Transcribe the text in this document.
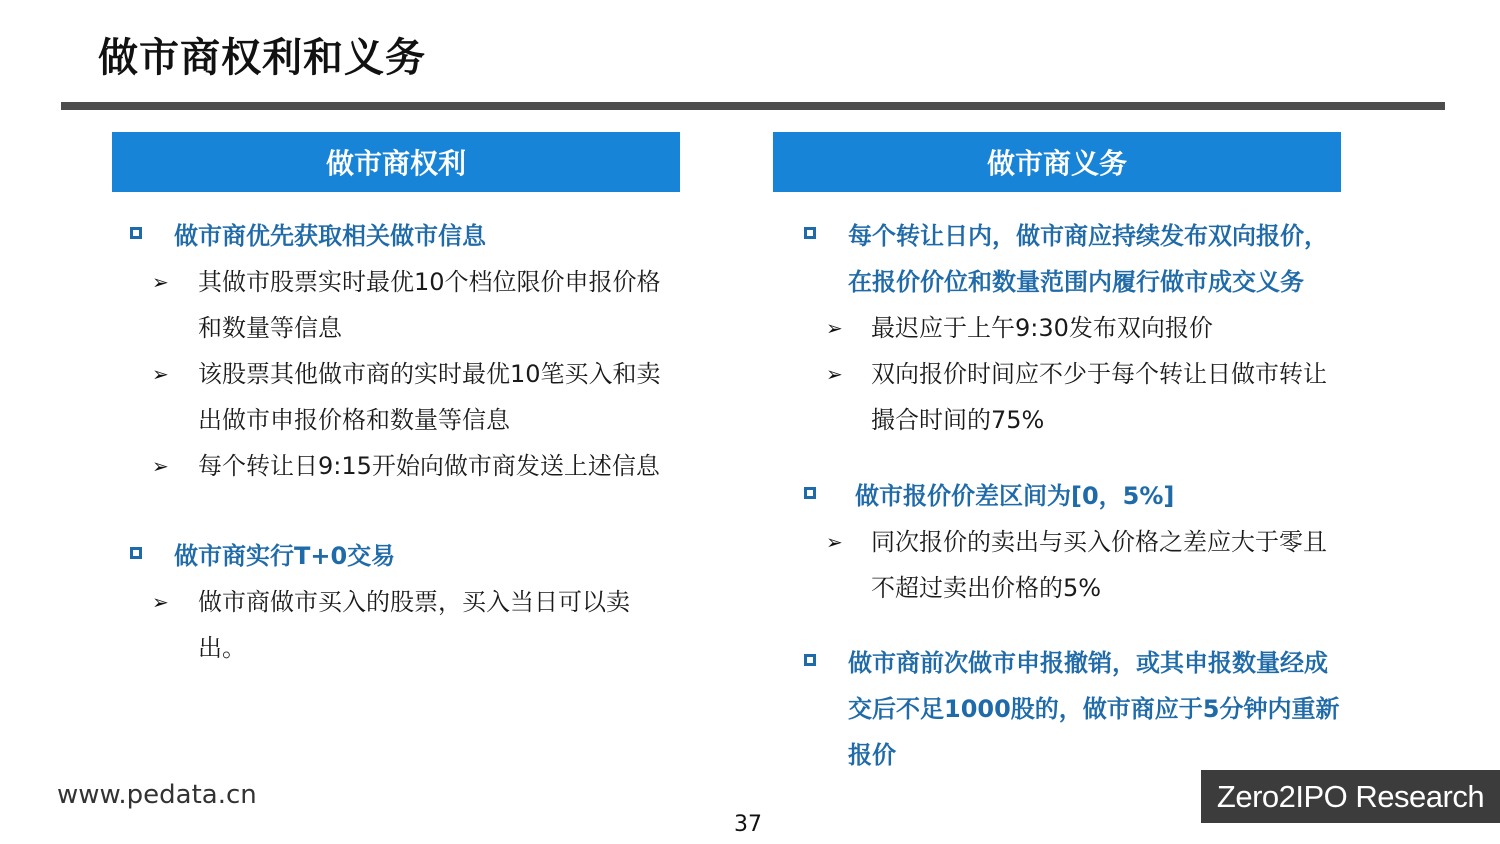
做市商权利和义务
做市商权利
做市商优先获取相关做市信息
➢ 其做市股票实时最优10个档位限价申报价格
和数量等信息
➢ 该股票其他做市商的实时最优10笔买入和卖
出做市申报价格和数量等信息
➢ 每个转让日9:15开始向做市商发送上述信息
做市商实行T+0交易
➢ 做市商做市买入的股票，买入当日可以卖
出。
做市商义务
每个转让日内，做市商应持续发布双向报价，
在报价价位和数量范围内履行做市成交义务
➢ 最迟应于上午9:30发布双向报价
➢ 双向报价时间应不少于每个转让日做市转让
撮合时间的75%
做市报价价差区间为[0，5%]
➢ 同次报价的卖出与买入价格之差应大于零且
不超过卖出价格的5%
做市商前次做市申报撤销，或其申报数量经成
交后不足1000股的，做市商应于5分钟内重新
报价
www.pedata.cn
37
Zero2IPO Research
